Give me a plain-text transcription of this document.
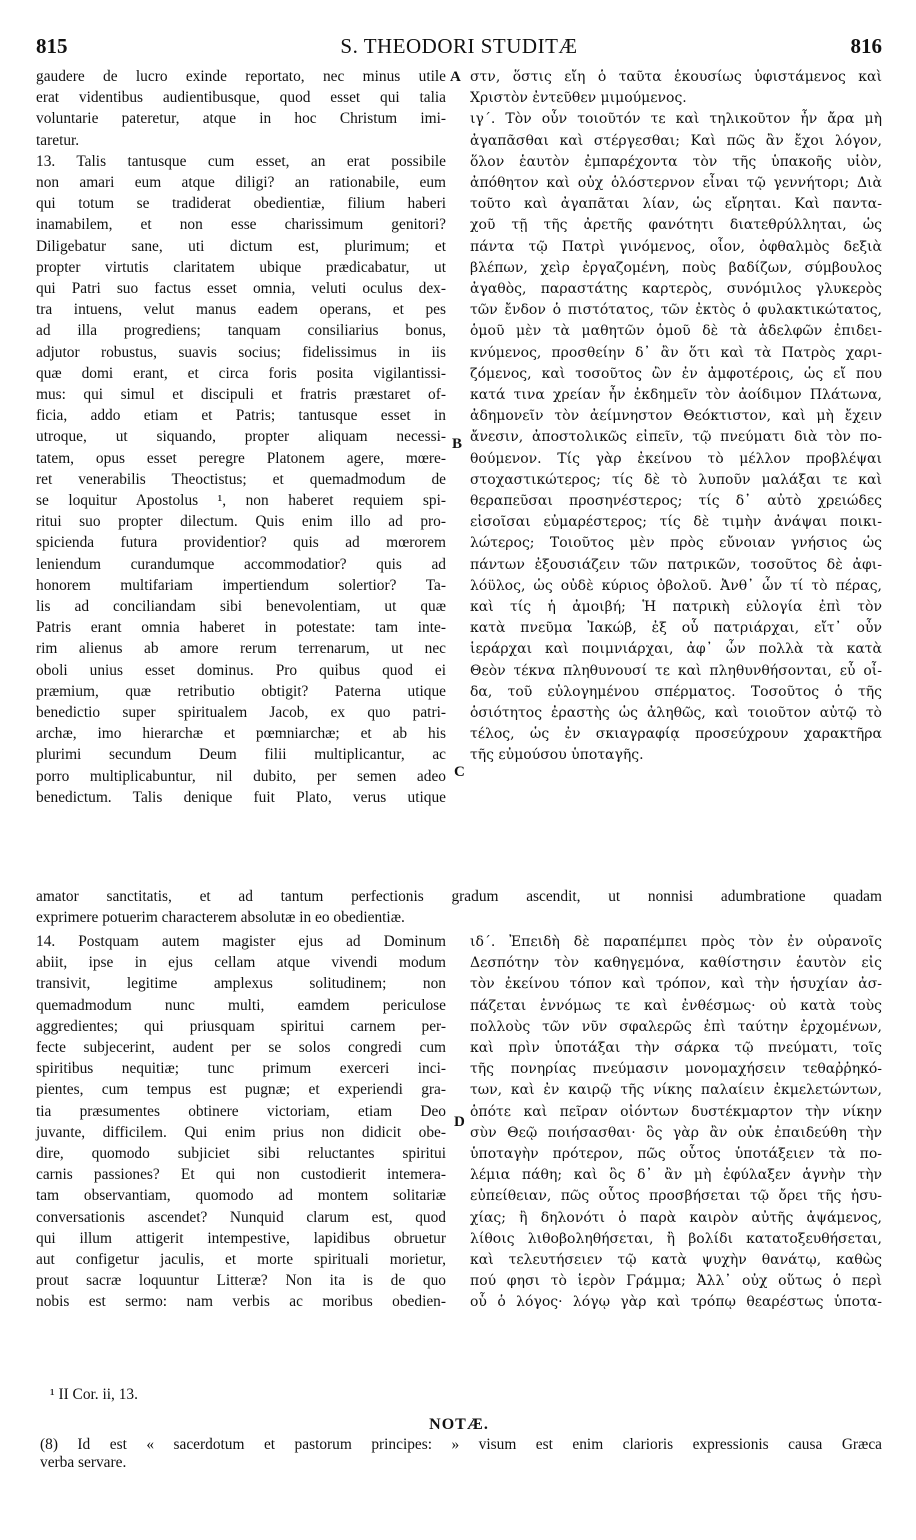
815	S. THEODORI STUDITÆ	816
gaudere de lucro exinde reportato, nec minus utile
erat videntibus audientibusque, quod esset qui talia
voluntarie pateretur, atque in hoc Christum imi-
taretur.
13. Talis tantusque cum esset, an erat possibile
non amari eum atque diligi? an rationabile, eum
qui totum se tradiderat obedientiæ, filium haberi
inamabilem, et non esse charissimum genitori?
Diligebatur sane, uti dictum est, plurimum; et
propter virtutis claritatem ubique prædicabatur, ut
qui Patri suo factus esset omnia, veluti oculus dex-
tra intuens, velut manus eadem operans, et pes
ad illa progrediens; tanquam consiliarius bonus,
adjutor robustus, suavis socius; fidelissimus in iis
quæ domi erant, et circa foris posita vigilantissi-
mus: qui simul et discipuli et fratris præstaret of-
ficia, addo etiam et Patris; tantusque esset in
utroque, ut siquando, propter aliquam necessi-
tatem, opus esset peregre Platonem agere, mœre-
ret venerabilis Theoctistus; et quemadmodum de
se loquitur Apostolus ¹, non haberet requiem spi-
ritui suo propter dilectum. Quis enim illo ad pro-
spicienda futura providentior? quis ad mœrorem
leniendum curandumque accommodatior? quis ad
honorem multifariam impertiendum solertior? Ta-
lis ad conciliandam sibi benevolentiam, ut quæ
Patris erant omnia haberet in potestate: tam inte-
rim alienus ab amore rerum terrenarum, ut nec
oboli unius esset dominus. Pro quibus quod ei
præmium, quæ retributio obtigit? Paterna utique
benedictio super spiritualem Jacob, ex quo patri-
archæ, imo hierarchæ et pœmniarchæ; et ab his
plurimi secundum Deum filii multiplicantur, ac
porro multiplicabuntur, nil dubito, per semen adeo
benedictum. Talis denique fuit Plato, verus utique
στν, ὅστις εἴη ὁ ταῦτα ἑκουσίως ὑφιστάμενος καὶ
Χριστὸν ἐντεῦθεν μιμούμενος.
ιγ΄. Τὸν οὖν τοιοῦτόν τε καὶ τηλικοῦτον ἦν ἄρα μὴ
ἀγαπᾶσθαι καὶ στέργεσθαι; Καὶ πῶς ἂν ἔχοι λόγον,
ὅλον ἑαυτὸν ἐμπαρέχοντα τὸν τῆς ὑπακοῆς υἱὸν,
ἀπόθητον καὶ οὐχ ὁλόστερνον εἶναι τῷ γεννήτορι; Διὰ
τοῦτο καὶ ἀγαπᾶται λίαν, ὡς εἴρηται. Καὶ παντα-
χοῦ τῇ τῆς ἀρετῆς φανότητι διατεθρύλληται, ὡς
πάντα τῷ Πατρὶ γινόμενος, οἷον, ὀφθαλμὸς δεξιὰ
βλέπων, χεὶρ ἐργαζομένη, ποὺς βαδίζων, σύμβουλος
ἀγαθὸς, παραστάτης καρτερὸς, συνόμιλος γλυκερὸς
τῶν ἔνδον ὁ πιστότατος, τῶν ἐκτὸς ὁ φυλακτικώτατος,
ὁμοῦ μὲν τὰ μαθητῶν ὁμοῦ δὲ τὰ ἀδελφῶν ἐπιδει-
κνύμενος, προσθείην δ᾽ ἂν ὅτι καὶ τὰ Πατρὸς χαρι-
ζόμενος, καὶ τοσοῦτος ὢν ἐν ἀμφοτέροις, ὡς εἴ που
κατά τινα χρείαν ἦν ἐκδημεῖν τὸν ἀοίδιμον Πλάτωνα,
ἀδημονεῖν τὸν ἀείμνηστον Θεόκτιστον, καὶ μὴ ἔχειν
ἄνεσιν, ἀποστολικῶς εἰπεῖν, τῷ πνεύματι διὰ τὸν πο-
θούμενον. Τίς γὰρ ἐκείνου τὸ μέλλον προβλέψαι
στοχαστικώτερος; τίς δὲ τὸ λυποῦν μαλάξαι τε καὶ
θεραπεῦσαι προσηνέστερος; τίς δ᾽ αὐτὸ χρειώδες
εἰσοῖσαι εὐμαρέστερος; τίς δὲ τιμὴν ἀνάψαι ποικι-
λώτερος; Τοιοῦτος μὲν πρὸς εὔνοιαν γνήσιος ὡς
πάντων ἐξουσιάζειν τῶν πατρικῶν, τοσοῦτος δὲ ἀφι-
λόϋλος, ὡς οὐδὲ κύριος ὀβολοῦ. Ἀνθ᾽ ὧν τί τὸ πέρας,
καὶ τίς ἡ ἀμοιβή; Ἡ πατρικὴ εὐλογία ἐπὶ τὸν
κατὰ πνεῦμα Ἰακώβ, ἐξ οὗ πατριάρχαι, εἴτ᾽ οὖν
ἱεράρχαι καὶ ποιμνιάρχαι, ἀφ᾽ ὧν πολλὰ τὰ κατὰ
Θεὸν τέκνα πληθυνουσί τε καὶ πληθυνθήσονται, εὖ οἶ-
δα, τοῦ εὐλογημένου σπέρματος. Τοσοῦτος ὁ τῆς
ὁσιότητος ἐραστὴς ὡς ἀληθῶς, καὶ τοιοῦτον αὐτῷ τὸ
τέλος, ὡς ἐν σκιαγραφίᾳ προσεύχρουν χαρακτῆρα
τῆς εὐμούσου ὑποταγῆς.
amator sanctitatis, et ad tantum perfectionis gradum ascendit, ut nonnisi adumbratione quadam
exprimere potuerim characterem absolutæ in eo obedientiæ.
14. Postquam autem magister ejus ad Dominum
abiit, ipse in ejus cellam atque vivendi modum
transivit, legitime amplexus solitudinem; non
quemadmodum nunc multi, eamdem periculose
aggredientes; qui priusquam spiritui carnem per-
fecte subjecerint, audent per se solos congredi cum
spiritibus nequitiæ; tunc primum exerceri inci-
pientes, cum tempus est pugnæ; et experiendi gra-
tia præsumentes obtinere victoriam, etiam Deo
juvante, difficilem. Qui enim prius non didicit obe-
dire, quomodo subjiciet sibi reluctantes spiritui
carnis passiones? Et qui non custodierit intemera-
tam observantiam, quomodo ad montem solitariæ
conversationis ascendet? Nunquid clarum est, quod
qui illum attigerit intempestive, lapidibus obruetur
aut configetur jaculis, et morte spirituali morietur,
prout sacræ loquuntur Litteræ? Non ita is de quo
nobis est sermo: nam verbis ac moribus obedien-
ιδ΄. Ἐπειδὴ δὲ παραπέμπει πρὸς τὸν ἐν οὐρανοῖς
Δεσπότην τὸν καθηγεμόνα, καθίστησιν ἑαυτὸν εἰς
τὸν ἐκείνου τόπον καὶ τρόπον, καὶ τὴν ἡσυχίαν ἀσ-
πάζεται ἐννόμως τε καὶ ἐνθέσμως· οὐ κατὰ τοὺς
πολλοὺς τῶν νῦν σφαλερῶς ἐπὶ ταύτην ἐρχομένων,
καὶ πρὶν ὑποτάξαι τὴν σάρκα τῷ πνεύματι, τοῖς
τῆς πονηρίας πνεύμασιν μονομαχήσειν τεθαῤῥηκό-
των, καὶ ἐν καιρῷ τῆς νίκης παλαίειν ἐκμελετώντων,
ὁπότε καὶ πεῖραν οἰόντων δυστέκμαρτον τὴν νίκην
σὺν Θεῷ ποιήσασθαι· ὃς γὰρ ἂν οὐκ ἐπαιδεύθη τὴν
ὑποταγὴν πρότερον, πῶς οὗτος ὑποτάξειεν τὰ πο-
λέμια πάθη; καὶ ὃς δ᾽ ἂν μὴ ἐφύλαξεν ἁγνὴν τὴν
εὐπείθειαν, πῶς οὗτος προσβήσεται τῷ ὄρει τῆς ἡσυ-
χίας; ἢ δηλονότι ὁ παρὰ καιρὸν αὐτῆς ἀψάμενος,
λίθοις λιθοβοληθήσεται, ἢ βολίδι κατατοξευθήσεται,
καὶ τελευτήσειεν τῷ κατὰ ψυχὴν θανάτῳ, καθὼς
πού φησι τὸ ἱερὸν Γράμμα; Ἀλλ᾽ οὐχ οὕτως ὁ περὶ
οὗ ὁ λόγος· λόγῳ γὰρ καὶ τρόπῳ θεαρέστως ὑποτα-
A
B
C
D
¹ II Cor. ii, 13.
NOTÆ.
(8) Id est « sacerdotum et pastorum principes: » visum est enim clarioris expressionis causa Græca
verba servare.
